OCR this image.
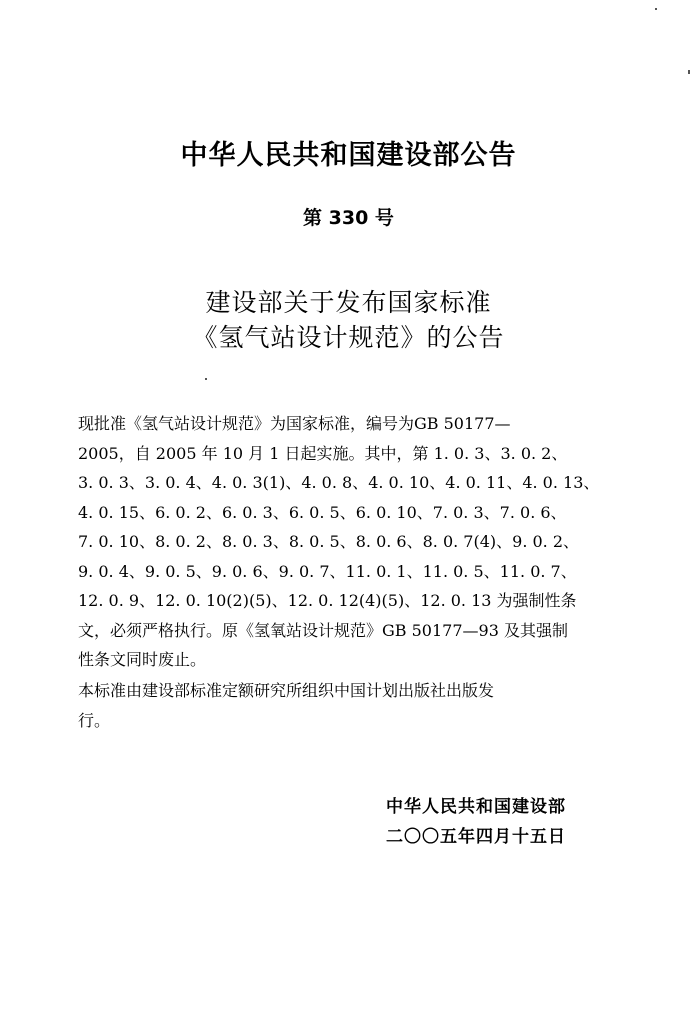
中华人民共和国建设部公告
第 330 号
建设部关于发布国家标准
《氢气站设计规范》的公告
现批准《氢气站设计规范》为国家标准，编号为GB 50177—
2005，自 2005 年 10 月 1 日起实施。其中，第 1. 0. 3、3. 0. 2、
3. 0. 3、3. 0. 4、4. 0. 3(1)、4. 0. 8、4. 0. 10、4. 0. 11、4. 0. 13、
4. 0. 15、6. 0. 2、6. 0. 3、6. 0. 5、6. 0. 10、7. 0. 3、7. 0. 6、
7. 0. 10、8. 0. 2、8. 0. 3、8. 0. 5、8. 0. 6、8. 0. 7(4)、9. 0. 2、
9. 0. 4、9. 0. 5、9. 0. 6、9. 0. 7、11. 0. 1、11. 0. 5、11. 0. 7、
12. 0. 9、12. 0. 10(2)(5)、12. 0. 12(4)(5)、12. 0. 13 为强制性条
文，必须严格执行。原《氢氧站设计规范》GB 50177—93 及其强制
性条文同时废止。
本标准由建设部标准定额研究所组织中国计划出版社出版发
行。
中华人民共和国建设部
二〇〇五年四月十五日
